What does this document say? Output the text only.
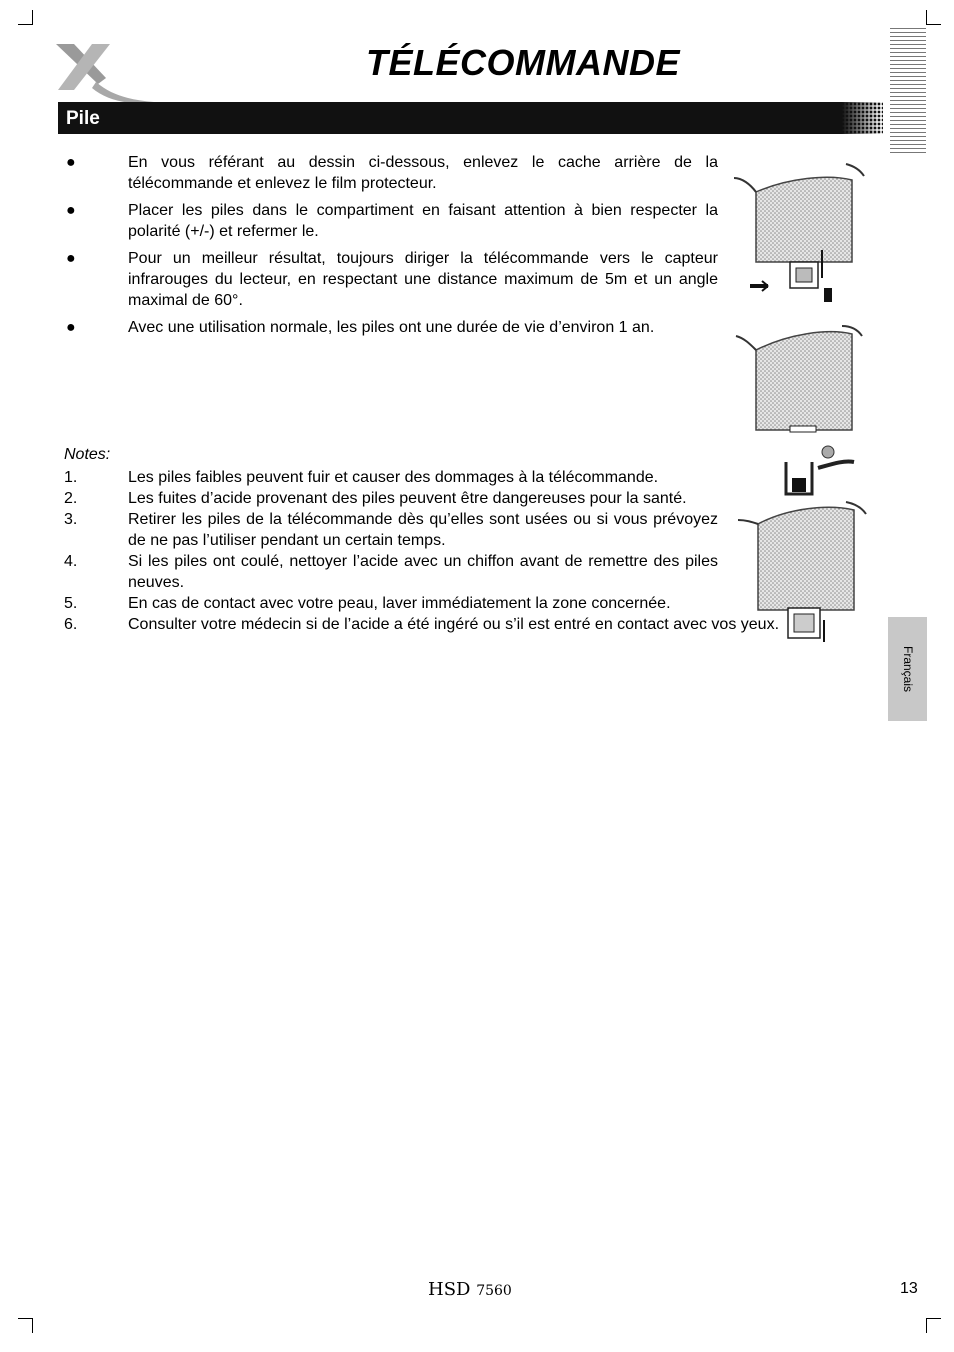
TÉLÉCOMMANDE
Pile
●	En vous référant au dessin ci-dessous, enlevez le cache arrière de la télécommande et enlevez le film protecteur.
●	Placer les piles dans le compartiment en faisant attention à bien respecter la polarité (+/-) et refermer le.
●	Pour un meilleur résultat, toujours diriger la télécommande vers le capteur infrarouges du lecteur, en respectant une distance maximum de 5m et un angle maximal de 60°.
●	Avec une utilisation normale, les piles ont une durée de vie d’environ 1 an.
Notes:
1.	Les piles faibles peuvent fuir et causer des dommages à la télécommande.
2.	Les fuites d’acide provenant des piles peuvent être dangereuses pour la santé.
3.	Retirer les piles de la télécommande dès qu’elles sont usées ou si vous prévoyez de ne pas l’utiliser pendant un certain temps.
4.	Si les piles ont coulé, nettoyer l’acide avec un chiffon avant de remettre des piles neuves.
5.	En cas de contact avec votre peau, laver immédiatement la zone concernée.
6.	Consulter votre médecin si de l’acide a été ingéré ou s’il est entré en contact avec vos yeux.
Français
HSD 7560	13
